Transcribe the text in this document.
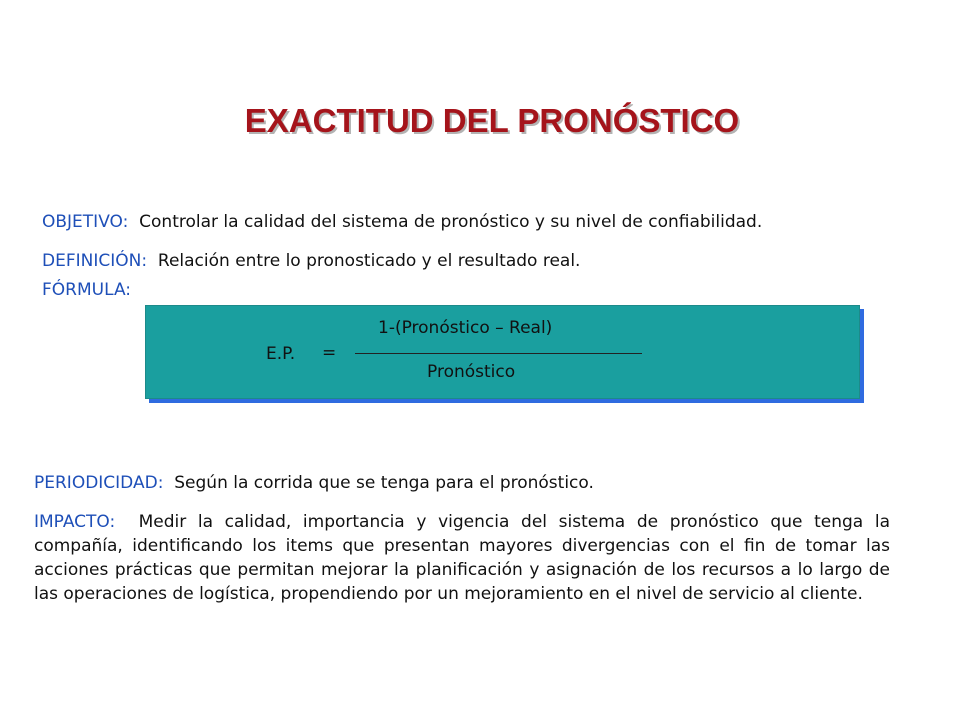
EXACTITUD DEL PRONÓSTICO
OBJETIVO: Controlar la calidad del sistema de pronóstico y su nivel de confiabilidad.
DEFINICIÓN: Relación entre lo pronosticado y el resultado real.
FÓRMULA:
1-(Pronóstico – Real)
E.P. =
Pronóstico
PERIODICIDAD: Según la corrida que se tenga para el pronóstico.
IMPACTO: Medir la calidad, importancia y vigencia del sistema de pronóstico que tenga la compañía, identificando los items que presentan mayores divergencias con el fin de tomar las acciones prácticas que permitan mejorar la planificación y asignación de los recursos a lo largo de las operaciones de logística, propendiendo por un mejoramiento en el nivel de servicio al cliente.
